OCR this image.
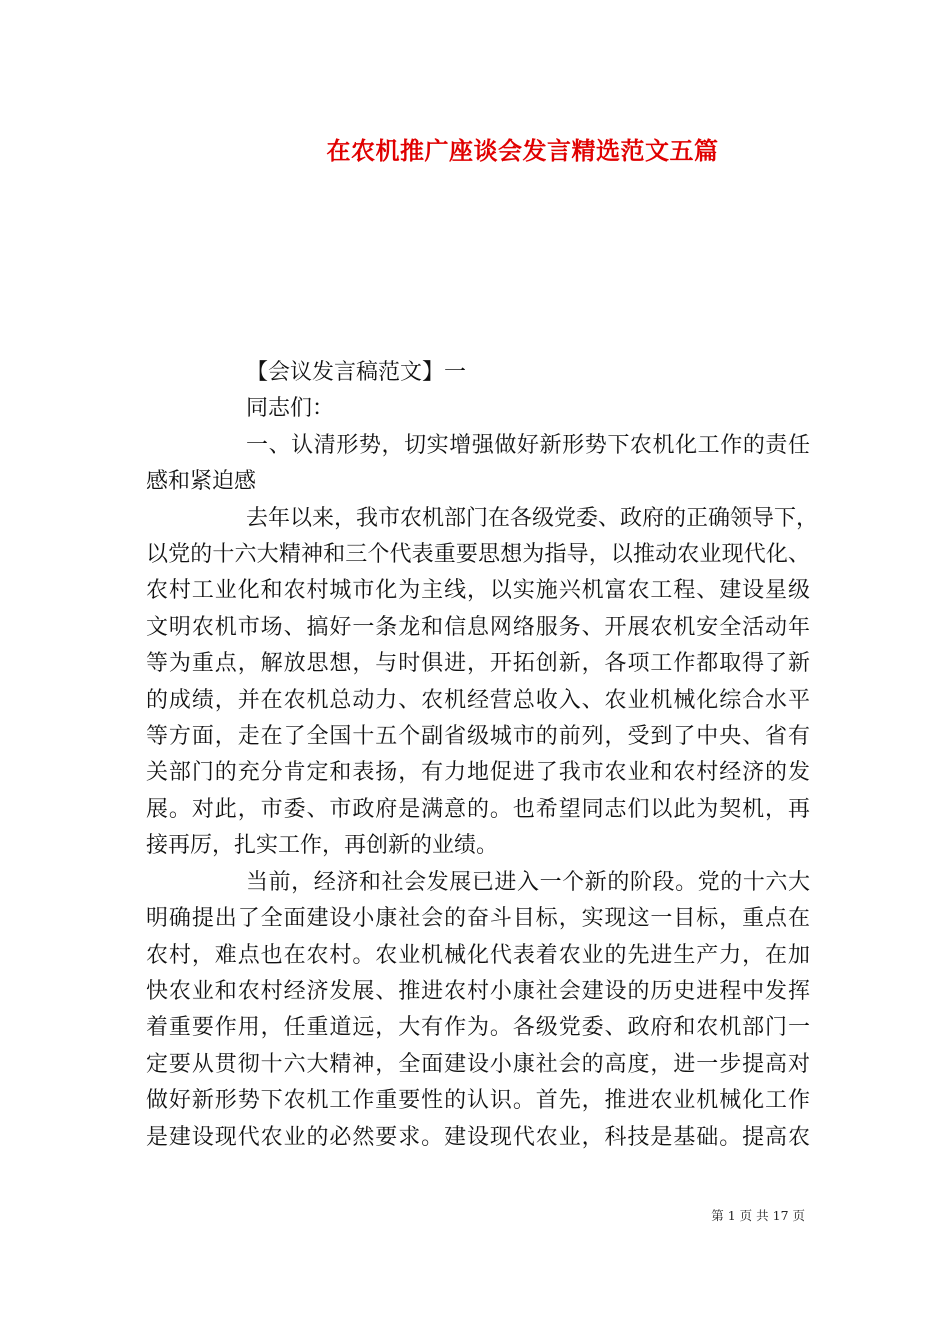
在农机推广座谈会发言精选范文五篇
【会议发言稿范文】一
同志们：
一、认清形势，切实增强做好新形势下农机化工作的责任
感和紧迫感
去年以来，我市农机部门在各级党委、政府的正确领导下，
以党的十六大精神和三个代表重要思想为指导，以推动农业现代化、
农村工业化和农村城市化为主线，以实施兴机富农工程、建设星级
文明农机市场、搞好一条龙和信息网络服务、开展农机安全活动年
等为重点，解放思想，与时俱进，开拓创新，各项工作都取得了新
的成绩，并在农机总动力、农机经营总收入、农业机械化综合水平
等方面，走在了全国十五个副省级城市的前列，受到了中央、省有
关部门的充分肯定和表扬，有力地促进了我市农业和农村经济的发
展。对此，市委、市政府是满意的。也希望同志们以此为契机，再
接再厉，扎实工作，再创新的业绩。
当前，经济和社会发展已进入一个新的阶段。党的十六大
明确提出了全面建设小康社会的奋斗目标，实现这一目标，重点在
农村，难点也在农村。农业机械化代表着农业的先进生产力，在加
快农业和农村经济发展、推进农村小康社会建设的历史进程中发挥
着重要作用，任重道远，大有作为。各级党委、政府和农机部门一
定要从贯彻十六大精神，全面建设小康社会的高度，进一步提高对
做好新形势下农机工作重要性的认识。首先，推进农业机械化工作
是建设现代农业的必然要求。建设现代农业，科技是基础。提高农
第 1 页 共 17 页
